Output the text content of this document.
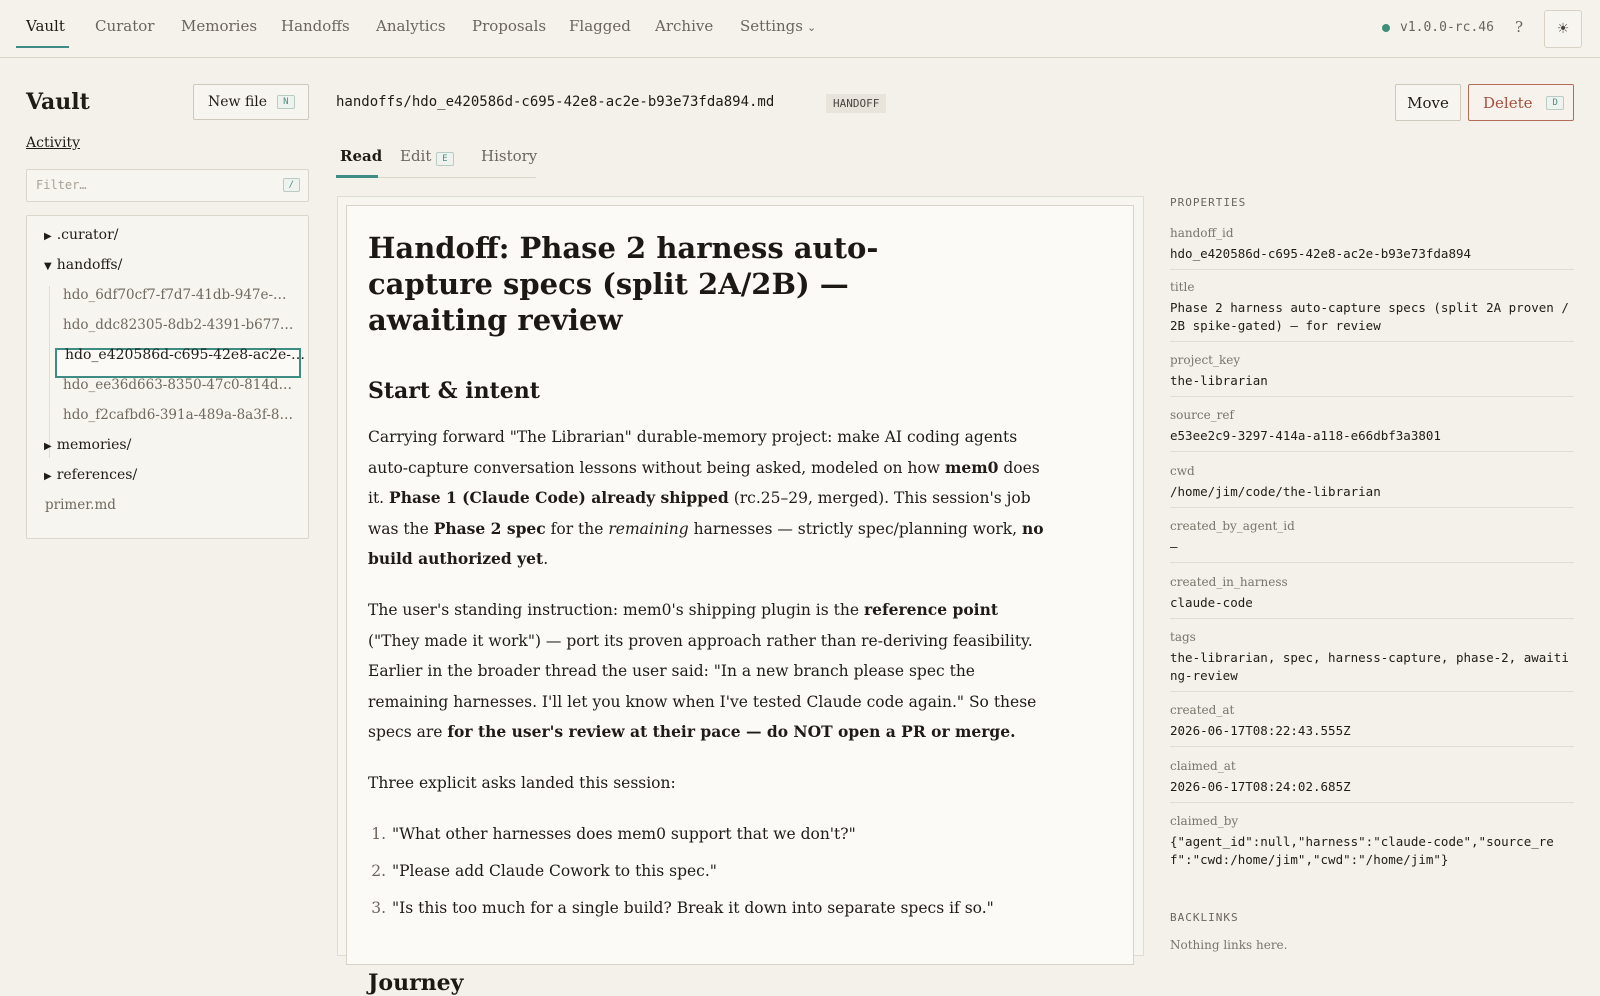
Vault Curator Memories Handoffs Analytics Proposals Flagged Archive Settings ⌄	v1.0.0-rc.46 ? ☀
Vault	New file	N
Activity
Filter…	/
▶ .curator/
▼ handoffs/
hdo_6df70cf7-f7d7-41db-947e-…
hdo_ddc82305-8db2-4391-b677…
hdo_e420586d-c695-42e8-ac2e-…
hdo_ee36d663-8350-47c0-814d…
hdo_f2cafbd6-391a-489a-8a3f-8…
▶ memories/
▶ references/
primer.md
handoffs/hdo_e420586d-c695-42e8-ac2e-b93e73fda894.md	HANDOFF	Move	Delete	D
Read Edit E	History
Handoff: Phase 2 harness auto-capture specs (split 2A/2B) — awaiting review
Start & intent

Carrying forward "The Librarian" durable-memory project: make AI coding agents auto-capture conversation lessons without being asked, modeled on how mem0 does it. Phase 1 (Claude Code) already shipped (rc.25–29, merged). This session's job was the Phase 2 spec for the remaining harnesses — strictly spec/planning work, no build authorized yet.

The user's standing instruction: mem0's shipping plugin is the reference point ("They made it work") — port its proven approach rather than re-deriving feasibility. Earlier in the broader thread the user said: "In a new branch please spec the remaining harnesses. I'll let you know when I've tested Claude code again." So these specs are for the user's review at their pace — do NOT open a PR or merge.

Three explicit asks landed this session:

1. "What other harnesses does mem0 support that we don't?"
2. "Please add Claude Cowork to this spec."
3. "Is this too much for a single build? Break it down into separate specs if so."
Journey
PROPERTIES
handoff_id
hdo_e420586d-c695-42e8-ac2e-b93e73fda894
title
Phase 2 harness auto-capture specs (split 2A proven / 2B spike-gated) — for review
project_key
the-librarian
source_ref
e53ee2c9-3297-414a-a118-e66dbf3a3801
cwd
/home/jim/code/the-librarian
created_by_agent_id
—
created_in_harness
claude-code
tags
the-librarian, spec, harness-capture, phase-2, awaiting-review
created_at
2026-06-17T08:22:43.555Z
claimed_at
2026-06-17T08:24:02.685Z
claimed_by
{"agent_id":null,"harness":"claude-code","source_ref":"cwd:/home/jim","cwd":"/home/jim"}
BACKLINKS
Nothing links here.
